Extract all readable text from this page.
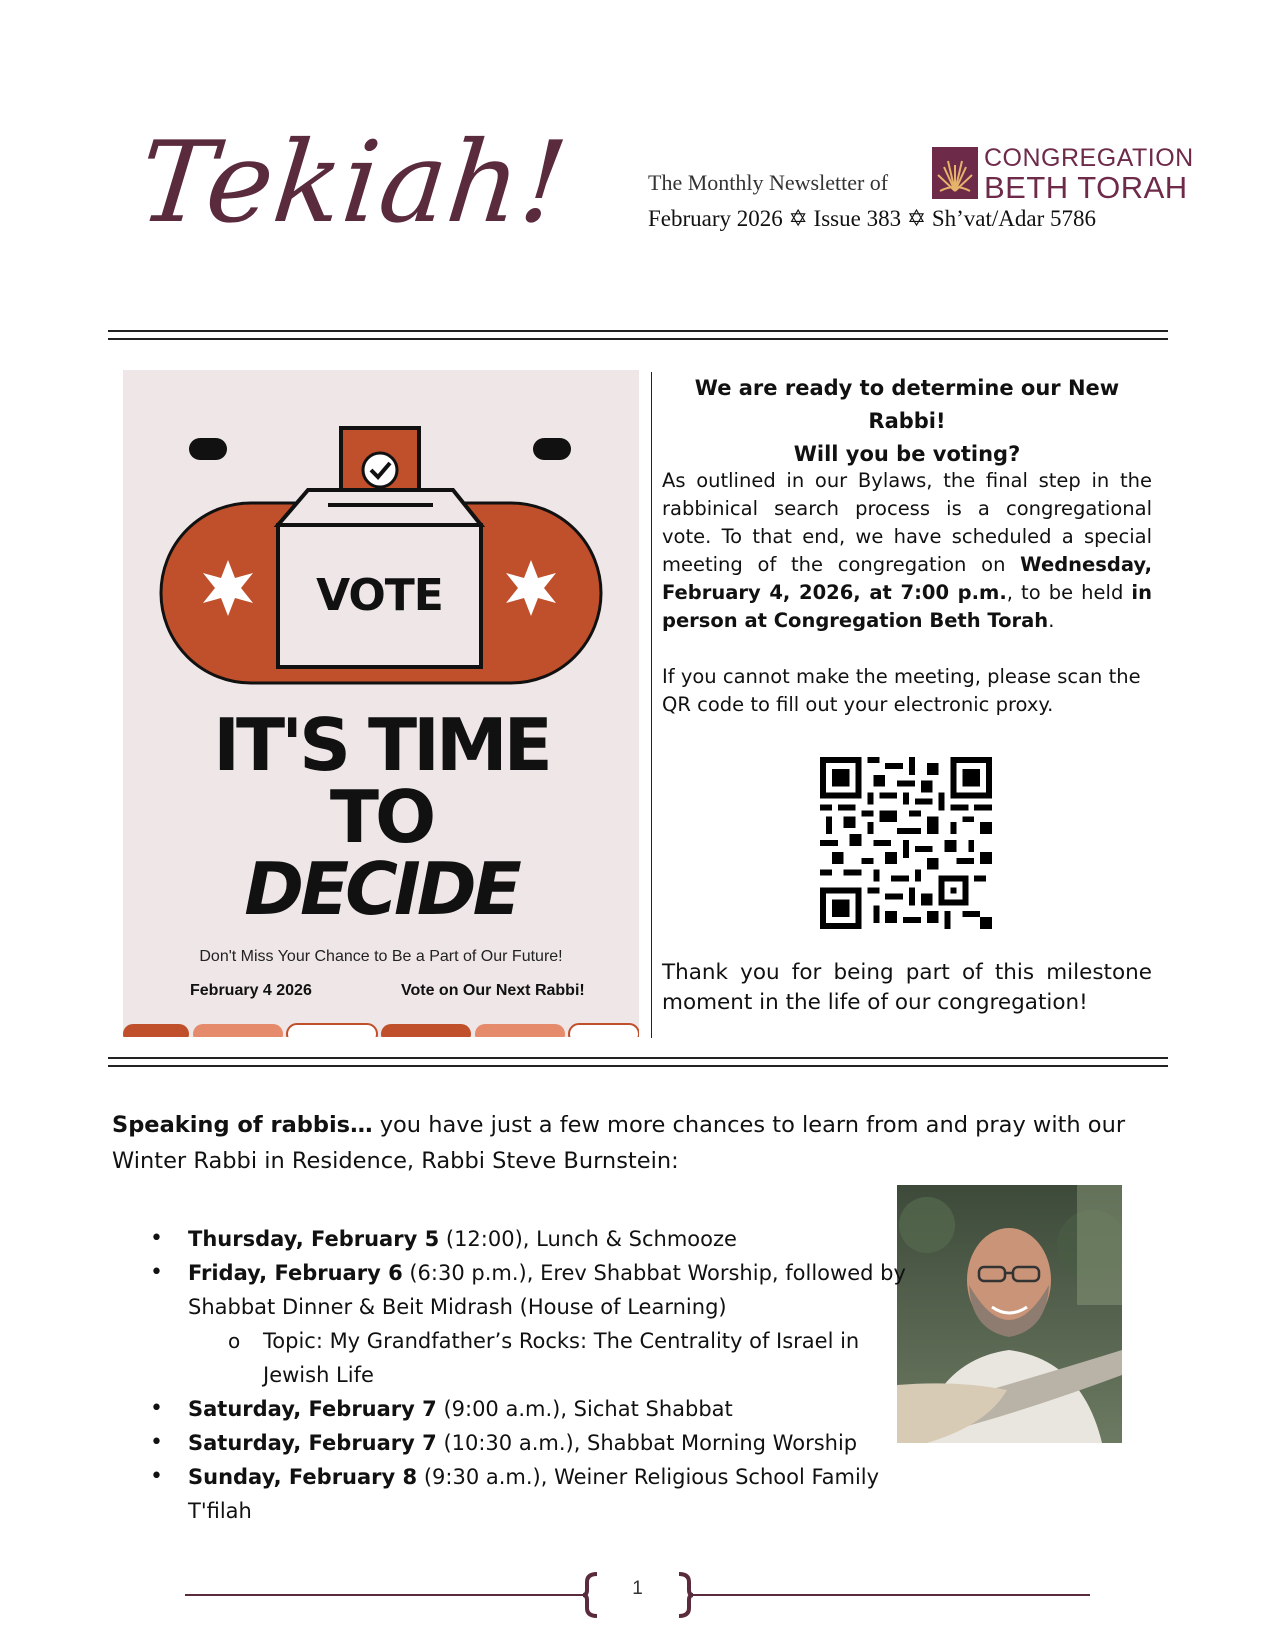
Tekiah!	The Monthly Newsletter of
CONGREGATION
BETH TORAH
February 2026 ✡ Issue 383 ✡ Sh’vat/Adar 5786
VOTE
IT'S TIME
TO
DECIDE
Don't Miss Your Chance to Be a Part of Our Future!
February 4 2026	Vote on Our Next Rabbi!
We are ready to determine our New Rabbi!
Will you be voting?
As outlined in our Bylaws, the final step in the rabbinical search process is a congregational vote. To that end, we have scheduled a special meeting of the congregation on Wednesday, February 4, 2026, at 7:00 p.m., to be held in person at Congregation Beth Torah.
If you cannot make the meeting, please scan the QR code to fill out your electronic proxy.
Thank you for being part of this milestone moment in the life of our congregation!
Speaking of rabbis… you have just a few more chances to learn from and pray with our Winter Rabbi in Residence, Rabbi Steve Burnstein:
• Thursday, February 5 (12:00), Lunch & Schmooze
• Friday, February 6 (6:30 p.m.), Erev Shabbat Worship, followed by Shabbat Dinner & Beit Midrash (House of Learning)
o Topic: My Grandfather’s Rocks: The Centrality of Israel in Jewish Life
• Saturday, February 7 (9:00 a.m.), Sichat Shabbat
• Saturday, February 7 (10:30 a.m.), Shabbat Morning Worship
• Sunday, February 8 (9:30 a.m.), Weiner Religious School Family T'filah
1
